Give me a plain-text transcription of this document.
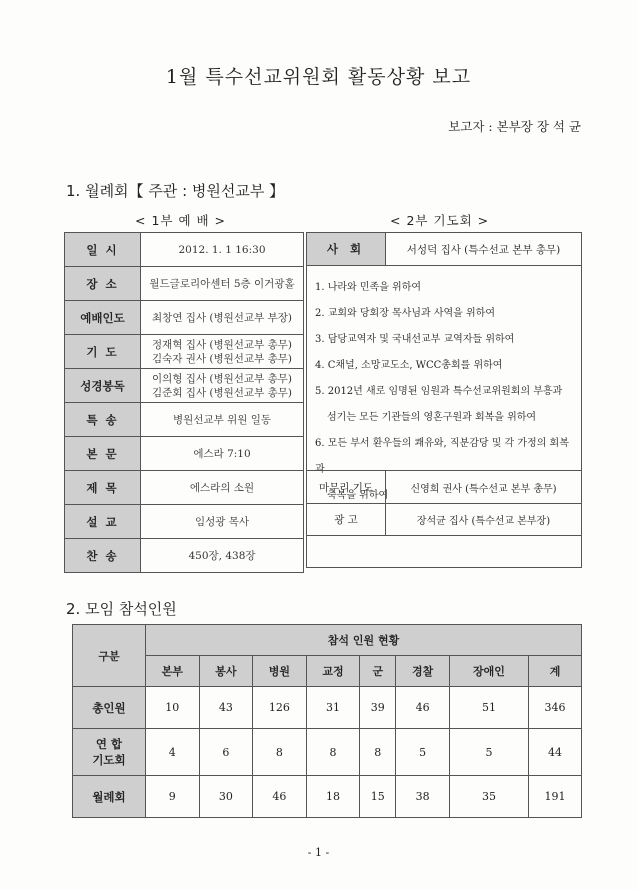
1월 특수선교위원회 활동상황 보고
보고자 : 본부장 장 석 균
1. 월례회【 주관 : 병원선교부 】
< 1부 예 배 >	< 2부 기도회 >
일 시	2012. 1. 1 16:30
장 소	월드글로리아센터 5층 이거광홀
예배인도	최창연 집사 (병원선교부 부장)
기 도	정재혁 집사 (병원선교부 총무)
김숙자 권사 (병원선교부 총무)

성경봉독	이의형 집사 (병원선교부 총무)
김준회 집사 (병원선교부 총무)

특 송	병원선교부 위원 일동
본 문	에스라 7:10
제 목	에스라의 소원
설 교	임성광 목사
찬 송	450장, 438장
사 회	서성덕 집사 (특수선교 본부 총무)
1. 나라와 민족을 위하여
2. 교회와 당회장 목사님과 사역을 위하여
3. 담당교역자 및 국내선교부 교역자들 위하여
4. C채널, 소망교도소, WCC총회를 위하여
5. 2012년 새로 임명된 임원과 특수선교위원회의 부흥과
섬기는 모든 기관들의 영혼구원과 회복을 위하여
6. 모든 부서 환우들의 쾌유와, 직분감당 및 각 가정의 회복과
축복을 위하여
마무리 기도	신영희 권사 (특수선교 본부 총무)
광 고	장석균 집사 (특수선교 본부장)
2. 모임 참석인원
구분	참석 인원 현황							
	본부	봉사	병원	교정	군	경찰	장애인	계
총인원	10	43	126	31	39	46	51	346

연 합
기도회	4	6	8	8	8	5	5	44
월례회	9	30	46	18	15	38	35	191
- 1 -
